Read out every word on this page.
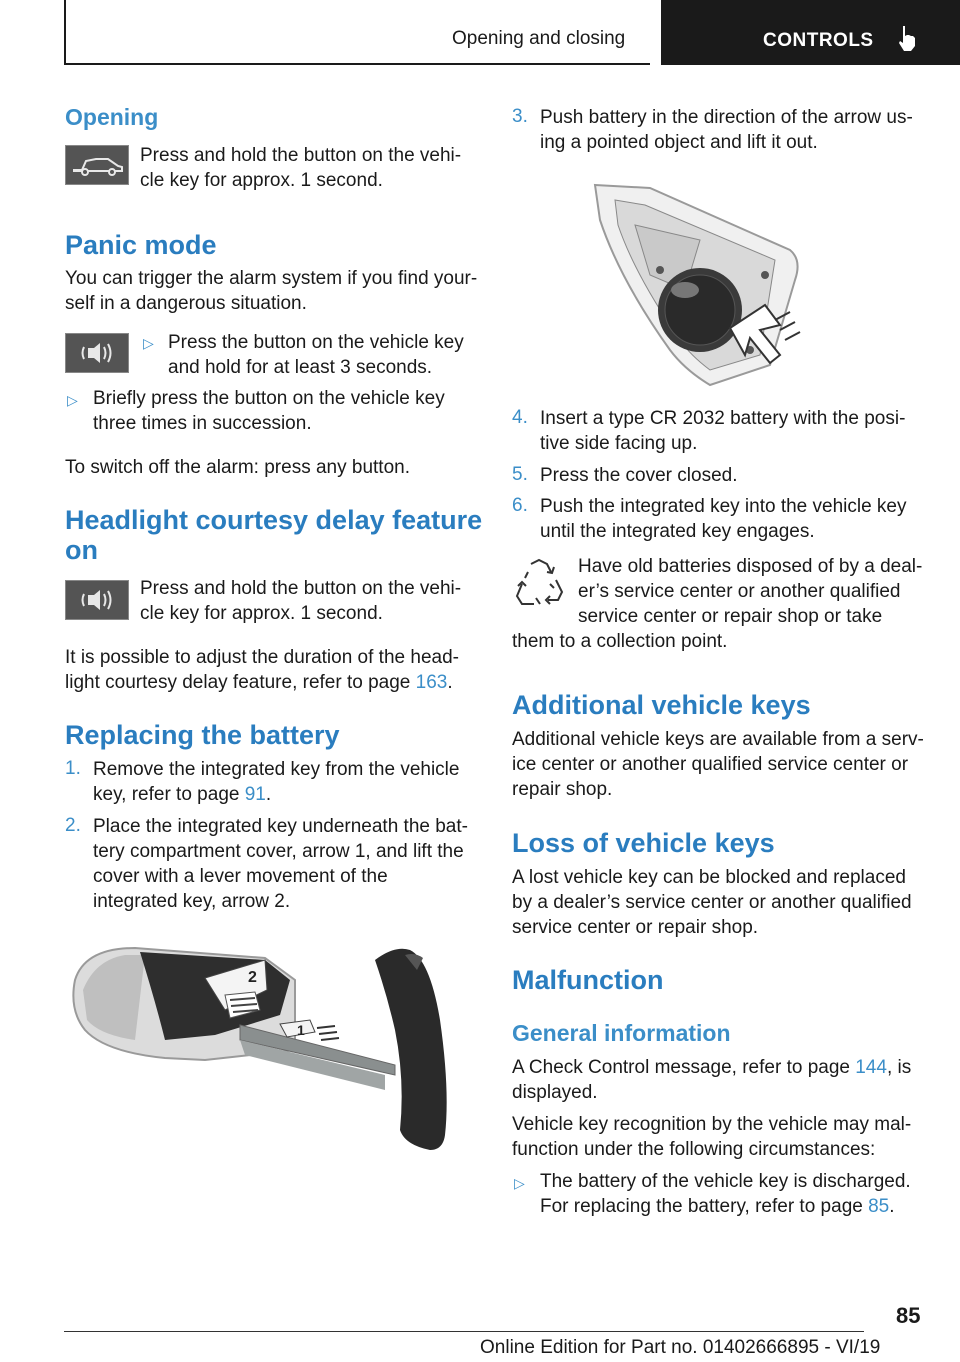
Opening and closing	CONTROLS
Opening
Press and hold the button on the vehi‐
cle key for approx. 1 second.
Panic mode
You can trigger the alarm system if you find your‐
self in a dangerous situation.
▷ Press the button on the vehicle key
and hold for at least 3 seconds.
▷ Briefly press the button on the vehicle key
three times in succession.
To switch off the alarm: press any button.
Headlight courtesy delay feature
on
Press and hold the button on the vehi‐
cle key for approx. 1 second.
It is possible to adjust the duration of the head‐
light courtesy delay feature, refer to page 163.
Replacing the battery
1. Remove the integrated key from the vehicle
key, refer to page 91.
2. Place the integrated key underneath the bat‐
tery compartment cover, arrow 1, and lift the
cover with a lever movement of the
integrated key, arrow 2.
2
1
3. Push battery in the direction of the arrow us‐
ing a pointed object and lift it out.
4. Insert a type CR 2032 battery with the posi‐
tive side facing up.
5. Press the cover closed.
6. Push the integrated key into the vehicle key
until the integrated key engages.
Have old batteries disposed of by a deal‐
er’s service center or another qualified
service center or repair shop or take
them to a collection point.
Additional vehicle keys
Additional vehicle keys are available from a serv‐
ice center or another qualified service center or
repair shop.
Loss of vehicle keys
A lost vehicle key can be blocked and replaced
by a dealer’s service center or another qualified
service center or repair shop.
Malfunction
General information
A Check Control message, refer to page 144, is
displayed.
Vehicle key recognition by the vehicle may mal‐
function under the following circumstances:
▷ The battery of the vehicle key is discharged.
For replacing the battery, refer to page 85.
85
Online Edition for Part no. 01402666895 - VI/19
